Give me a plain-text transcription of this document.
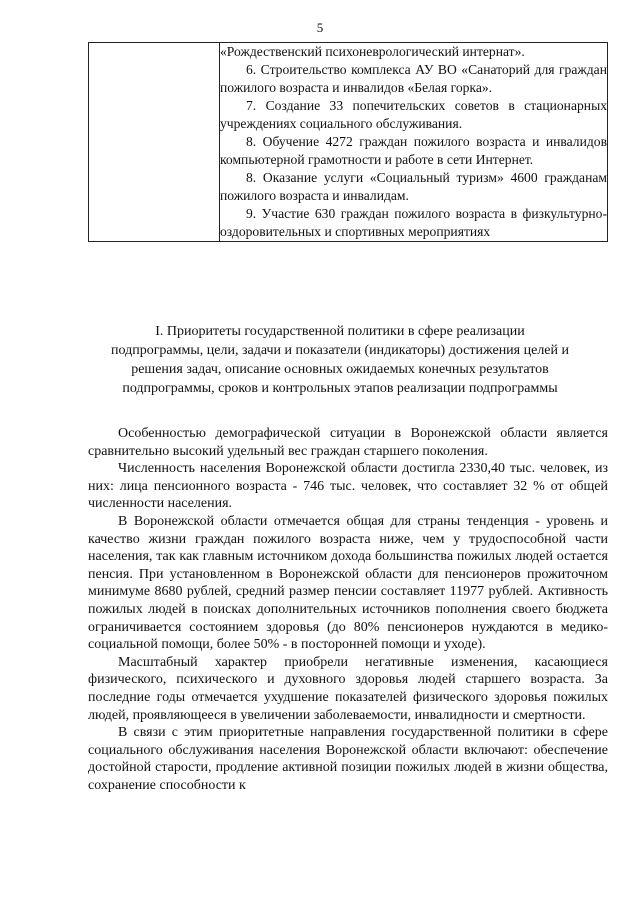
5

«Рождественский психоневрологический интернат».

6. Строительство комплекса АУ ВО «Санаторий для граждан пожилого возраста и инвалидов «Белая горка».

7. Создание 33 попечительских советов в стационарных учреждениях социального обслуживания.

8. Обучение 4272 граждан пожилого возраста и инвалидов компьютерной грамотности и работе в сети Интернет.

8. Оказание услуги «Социальный туризм» 4600 гражданам пожилого возраста и инвалидам.

9. Участие 630 граждан пожилого возраста в физкультурно-оздоровительных и спортивных мероприятиях

I. Приоритеты государственной политики в сфере реализации подпрограммы, цели, задачи и показатели (индикаторы) достижения целей и решения задач, описание основных ожидаемых конечных результатов подпрограммы, сроков и контрольных этапов реализации подпрограммы

Особенностью демографической ситуации в Воронежской области является сравнительно высокий удельный вес граждан старшего поколения.

Численность населения Воронежской области достигла 2330,40 тыс. человек, из них: лица пенсионного возраста - 746 тыс. человек, что составляет 32 % от общей численности населения.

В Воронежской области отмечается общая для страны тенденция - уровень и качество жизни граждан пожилого возраста ниже, чем у трудоспособной части населения, так как главным источником дохода большинства пожилых людей остается пенсия. При установленном в Воронежской области для пенсионеров прожиточном минимуме 8680 рублей, средний размер пенсии составляет 11977 рублей. Активность пожилых людей в поисках дополнительных источников пополнения своего бюджета ограничивается состоянием здоровья (до 80% пенсионеров нуждаются в медико-социальной помощи, более 50% - в посторонней помощи и уходе).

Масштабный характер приобрели негативные изменения, касающиеся физического, психического и духовного здоровья людей старшего возраста. За последние годы отмечается ухудшение показателей физического здоровья пожилых людей, проявляющееся в увеличении заболеваемости, инвалидности и смертности.

В связи с этим приоритетные направления государственной политики в сфере социального обслуживания населения Воронежской области включают: обеспечение достойной старости, продление активной позиции пожилых людей в жизни общества, сохранение способности к
